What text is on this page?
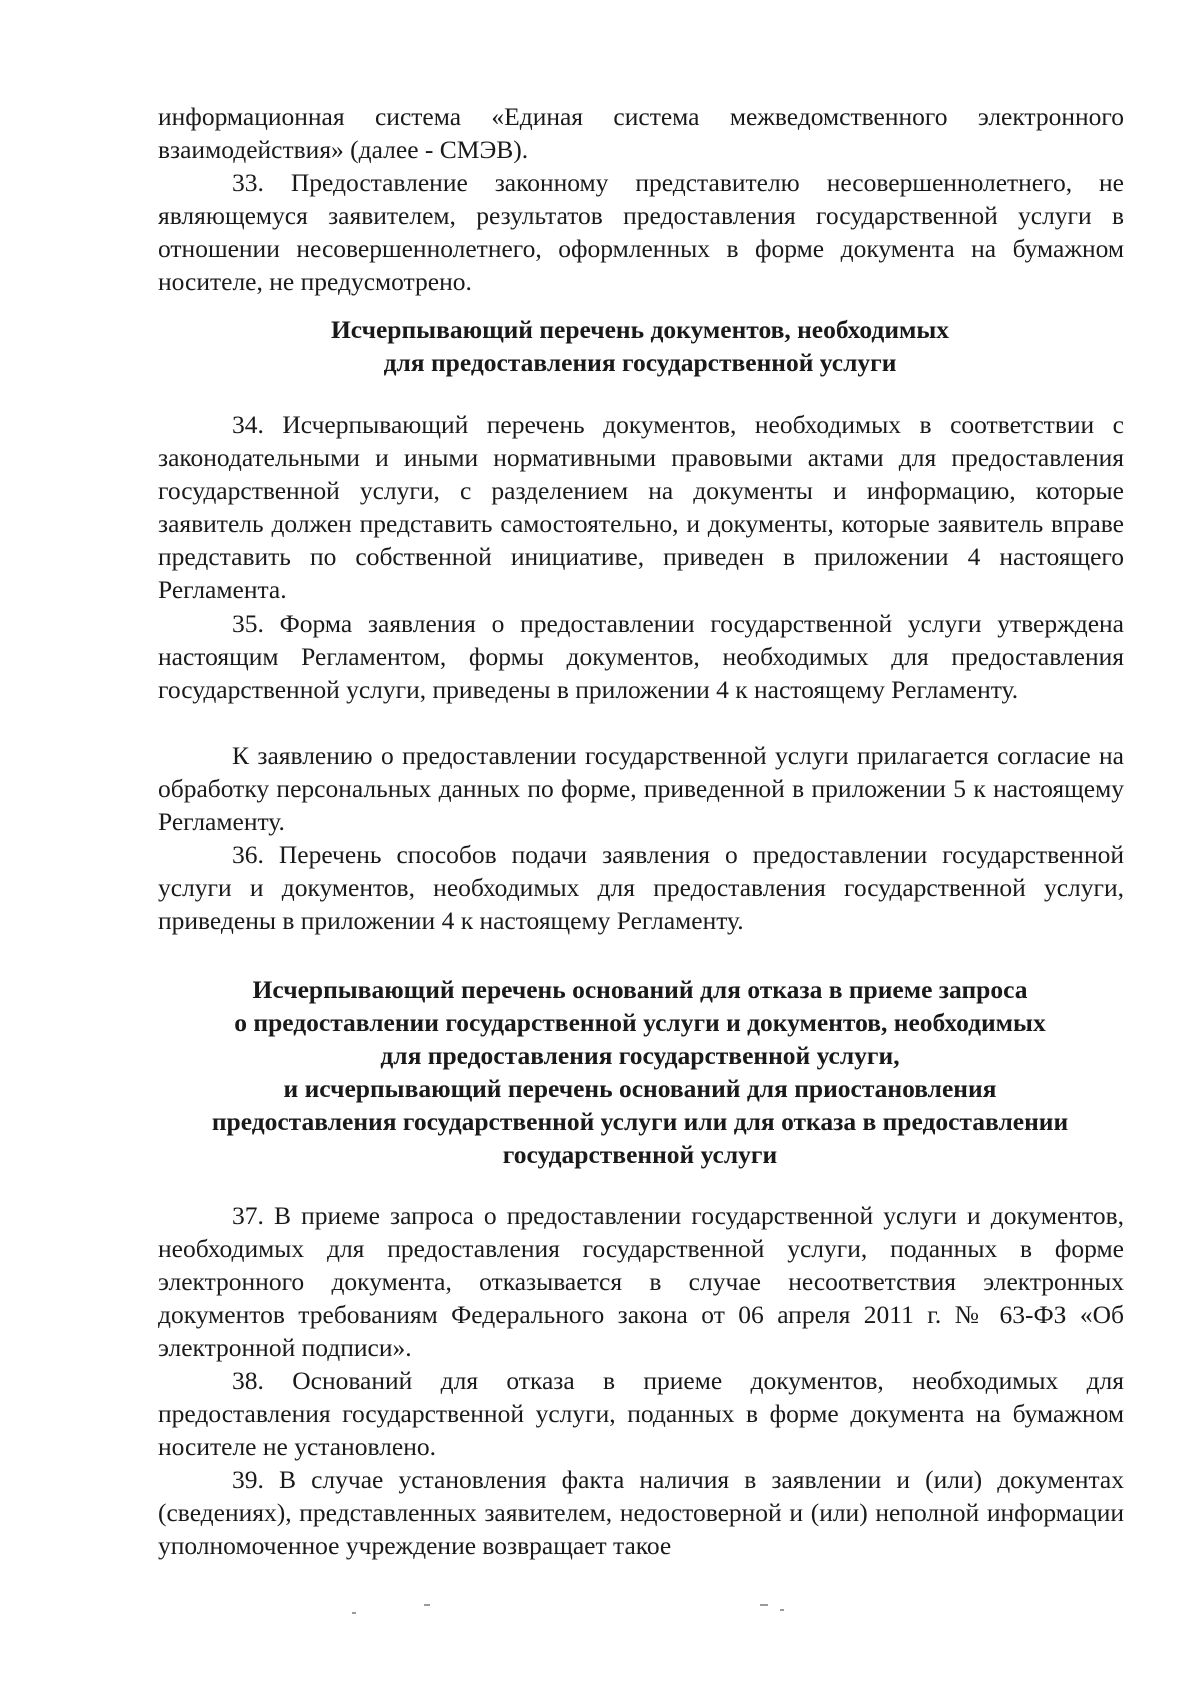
информационная система «Единая система межведомственного электронного взаимодействия» (далее - СМЭВ).

33. Предоставление законному представителю несовершеннолетнего, не являющемуся заявителем, результатов предоставления государственной услуги в отношении несовершеннолетнего, оформленных в форме документа на бумажном носителе, не предусмотрено.

Исчерпывающий перечень документов, необходимых
для предоставления государственной услуги

34. Исчерпывающий перечень документов, необходимых в соответствии с законодательными и иными нормативными правовыми актами для предоставления государственной услуги, с разделением на документы и информацию, которые заявитель должен представить самостоятельно, и документы, которые заявитель вправе представить по собственной инициативе, приведен в приложении 4 настоящего Регламента.

35. Форма заявления о предоставлении государственной услуги утверждена настоящим Регламентом, формы документов, необходимых для предоставления государственной услуги, приведены в приложении 4 к настоящему Регламенту.

К заявлению о предоставлении государственной услуги прилагается согласие на обработку персональных данных по форме, приведенной в приложении 5 к настоящему Регламенту.

36. Перечень способов подачи заявления о предоставлении государственной услуги и документов, необходимых для предоставления государственной услуги, приведены в приложении 4 к настоящему Регламенту.

Исчерпывающий перечень оснований для отказа в приеме запроса
о предоставлении государственной услуги и документов, необходимых
для предоставления государственной услуги,
и исчерпывающий перечень оснований для приостановления
предоставления государственной услуги или для отказа в предоставлении
государственной услуги

37. В приеме запроса о предоставлении государственной услуги и документов, необходимых для предоставления государственной услуги, поданных в форме электронного документа, отказывается в случае несоответствия электронных документов требованиям Федерального закона от 06 апреля 2011 г. № 63-ФЗ «Об электронной подписи».

38. Оснований для отказа в приеме документов, необходимых для предоставления государственной услуги, поданных в форме документа на бумажном носителе не установлено.

39. В случае установления факта наличия в заявлении и (или) документах (сведениях), представленных заявителем, недостоверной и (или) неполной информации уполномоченное учреждение возвращает такое
